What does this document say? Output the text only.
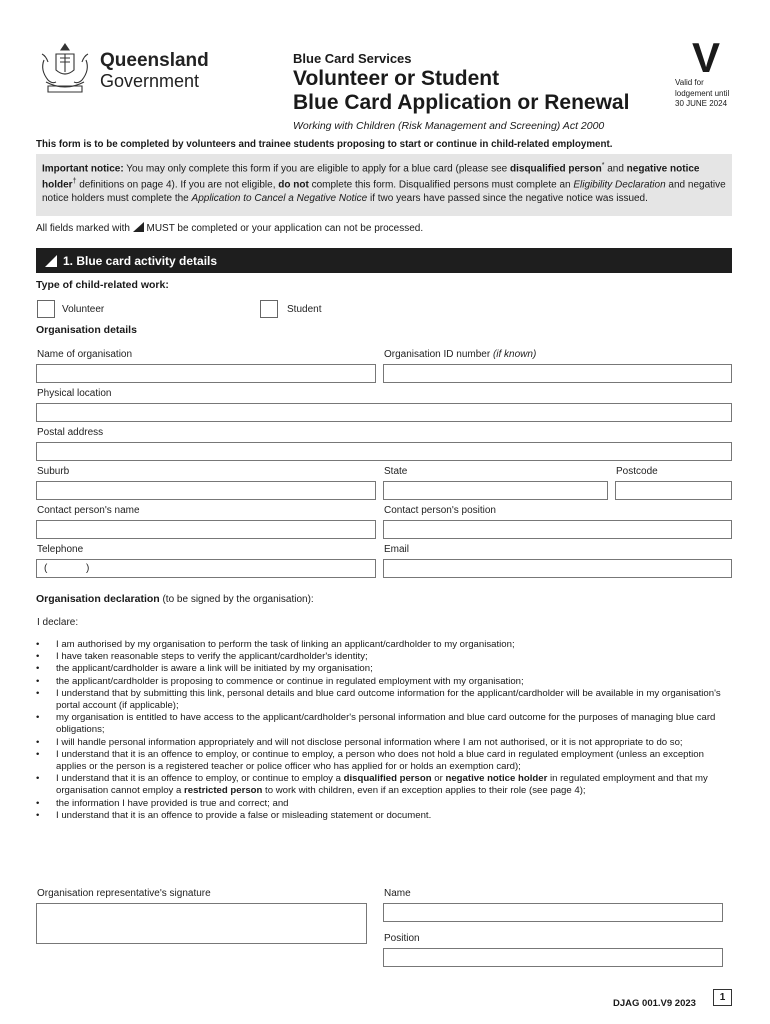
Queensland
Government
Blue Card Services
Volunteer or Student
Blue Card Application or Renewal
V
Valid for
lodgement until
30 JUNE 2024
Working with Children (Risk Management and Screening) Act 2000
This form is to be completed by volunteers and trainee students proposing to start or continue in child-related employment.
Important notice: You may only complete this form if you are eligible to apply for a blue card (please see disqualified person* and negative notice holder† definitions on page 4). If you are not eligible, do not complete this form. Disqualified persons must complete an Eligibility Declaration and negative notice holders must complete the Application to Cancel a Negative Notice if two years have passed since the negative notice was issued.
All fields marked with MUST be completed or your application can not be processed.
1. Blue card activity details
Type of child-related work:
Volunteer	Student
Organisation details
Name of organisation	Organisation ID number (if known)
Physical location
Postal address
Suburb	State	Postcode
Contact person's name	Contact person's position
Telephone
(	)
Email
Organisation declaration (to be signed by the organisation):
I declare:
• I am authorised by my organisation to perform the task of linking an applicant/cardholder to my organisation;
• I have taken reasonable steps to verify the applicant/cardholder's identity;
• the applicant/cardholder is aware a link will be initiated by my organisation;
• the applicant/cardholder is proposing to commence or continue in regulated employment with my organisation;
• I understand that by submitting this link, personal details and blue card outcome information for the applicant/cardholder will be available in my organisation's portal account (if applicable);
• my organisation is entitled to have access to the applicant/cardholder's personal information and blue card outcome for the purposes of managing blue card obligations;
• I will handle personal information appropriately and will not disclose personal information where I am not authorised, or it is not appropriate to do so;
• I understand that it is an offence to employ, or continue to employ, a person who does not hold a blue card in regulated employment (unless an exception applies or the person is a registered teacher or police officer who has applied for or holds an exemption card);
• I understand that it is an offence to employ, or continue to employ a disqualified person or negative notice holder in regulated employment and that my organisation cannot employ a restricted person to work with children, even if an exception applies to their role (see page 4);
• the information I have provided is true and correct; and
• I understand that it is an offence to provide a false or misleading statement or document.
Organisation representative's signature	Name
Position
DJAG 001.V9 2023
1
